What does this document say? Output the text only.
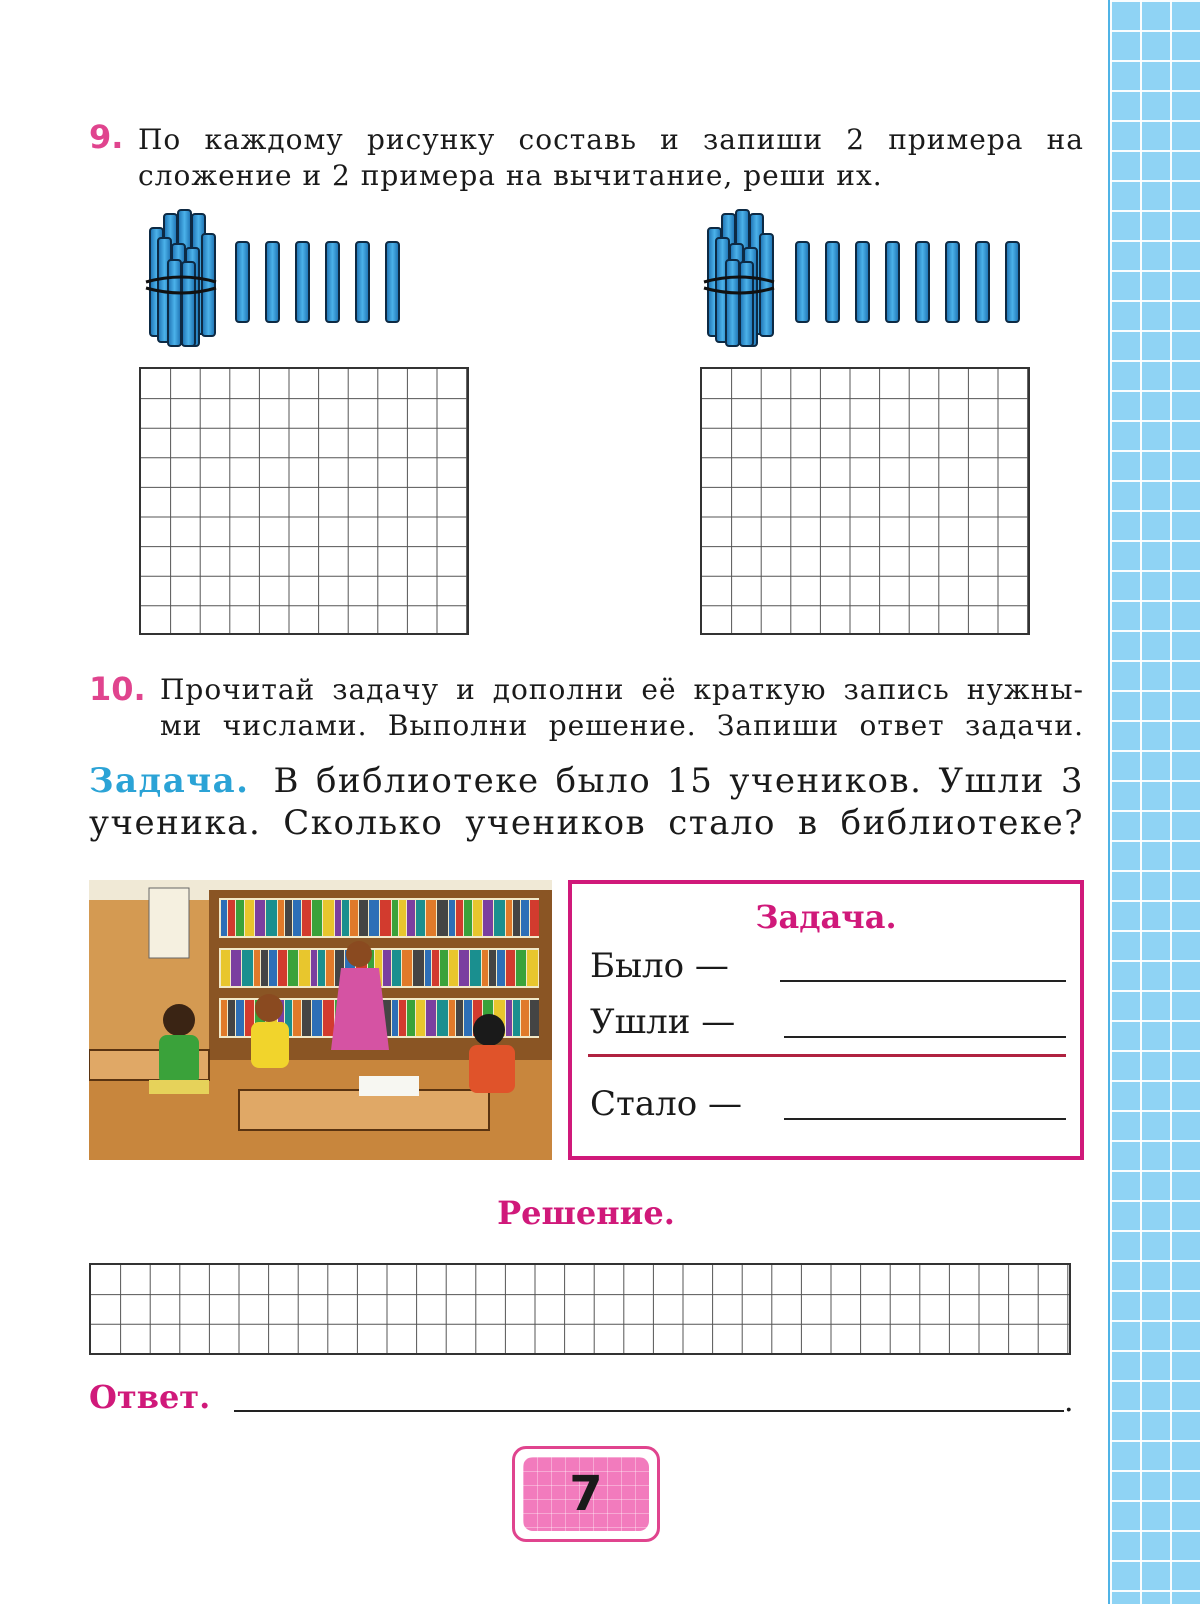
9. По каждому рисунку составь и запиши 2 примера на
сложение и 2 примера на вычитание, реши их.
10. Прочитай задачу и дополни её краткую запись нужны-
ми числами. Выполни решение. Запиши ответ задачи.
Задача. В библиотеке было 15 учеников. Ушли 3
ученика. Сколько учеников стало в библиотеке?
Задача.
Было —
Ушли —
Стало —
Решение.
Ответ.	.
7
